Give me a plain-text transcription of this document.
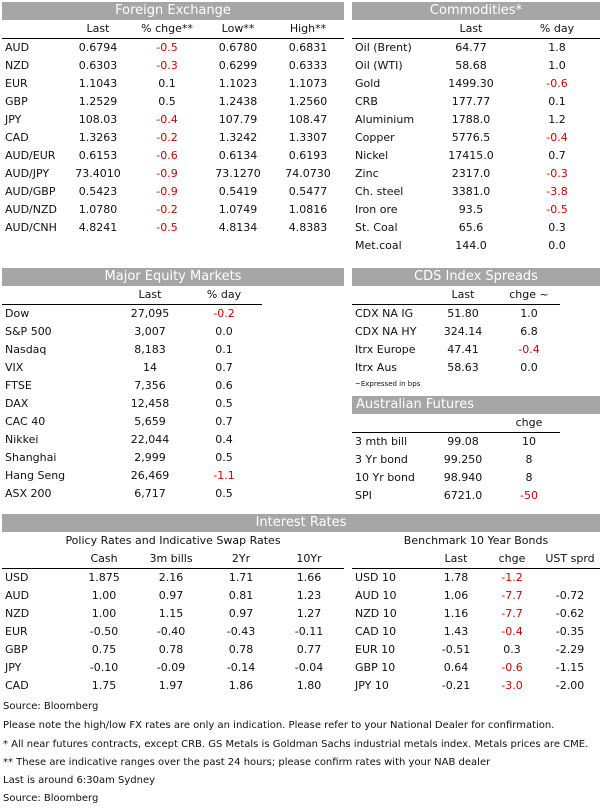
Foreign Exchange
	Last	% chge**	Low**	High**
AUD	0.6794	-0.5	0.6780	0.6831
NZD	0.6303	-0.3	0.6299	0.6333
EUR	1.1043	0.1	1.1023	1.1073
GBP	1.2529	0.5	1.2438	1.2560
JPY	108.03	-0.4	107.79	108.47
CAD	1.3263	-0.2	1.3242	1.3307
AUD/EUR	0.6153	-0.6	0.6134	0.6193
AUD/JPY	73.4010	-0.9	73.1270	74.0730
AUD/GBP	0.5423	-0.9	0.5419	0.5477
AUD/NZD	1.0780	-0.2	1.0749	1.0816
AUD/CNH	4.8241	-0.5	4.8134	4.8383
Commodities*
	Last	% day
Oil (Brent)	64.77	1.8
Oil (WTI)	58.68	1.0
Gold	1499.30	-0.6
CRB	177.77	0.1
Aluminium	1788.0	1.2
Copper	5776.5	-0.4
Nickel	17415.0	0.7
Zinc	2317.0	-0.3
Ch. steel	3381.0	-3.8
Iron ore	93.5	-0.5
St. Coal	65.6	0.3
Met.coal	144.0	0.0
Major Equity Markets
	Last	% day
Dow	27,095	-0.2
S&P 500	3,007	0.0
Nasdaq	8,183	0.1
VIX	14	0.7
FTSE	7,356	0.6
DAX	12,458	0.5
CAC 40	5,659	0.7
Nikkei	22,044	0.4
Shanghai	2,999	0.5
Hang Seng	26,469	-1.1
ASX 200	6,717	0.5
CDS Index Spreads
	Last	chge ~
CDX NA IG	51.80	1.0
CDX NA HY	324.14	6.8
Itrx Europe	47.41	-0.4
Itrx Aus	58.63	0.0
~Expressed in bps
Australian Futures
		chge
3 mth bill	99.08	10
3 Yr bond	99.250	8
10 Yr bond	98.940	8
SPI	6721.0	-50
Interest Rates
Policy Rates and Indicative Swap Rates
	Cash	3m bills	2Yr	10Yr
USD	1.875	2.16	1.71	1.66
AUD	1.00	0.97	0.81	1.23
NZD	1.00	1.15	0.97	1.27
EUR	-0.50	-0.40	-0.43	-0.11
GBP	0.75	0.78	0.78	0.77
JPY	-0.10	-0.09	-0.14	-0.04
CAD	1.75	1.97	1.86	1.80
Benchmark 10 Year Bonds
	Last	chge	UST sprd
USD 10	1.78	-1.2	
AUD 10	1.06	-7.7	-0.72
NZD 10	1.16	-7.7	-0.62
CAD 10	1.43	-0.4	-0.35
EUR 10	-0.51	0.3	-2.29
GBP 10	0.64	-0.6	-1.15
JPY 10	-0.21	-3.0	-2.00
Source: Bloomberg
Please note the high/low FX rates are only an indication. Please refer to your National Dealer for confirmation.
* All near futures contracts, except CRB. GS Metals is Goldman Sachs industrial metals index. Metals prices are CME.
** These are indicative ranges over the past 24 hours; please confirm rates with your NAB dealer
Last is around 6:30am Sydney
Source: Bloomberg
